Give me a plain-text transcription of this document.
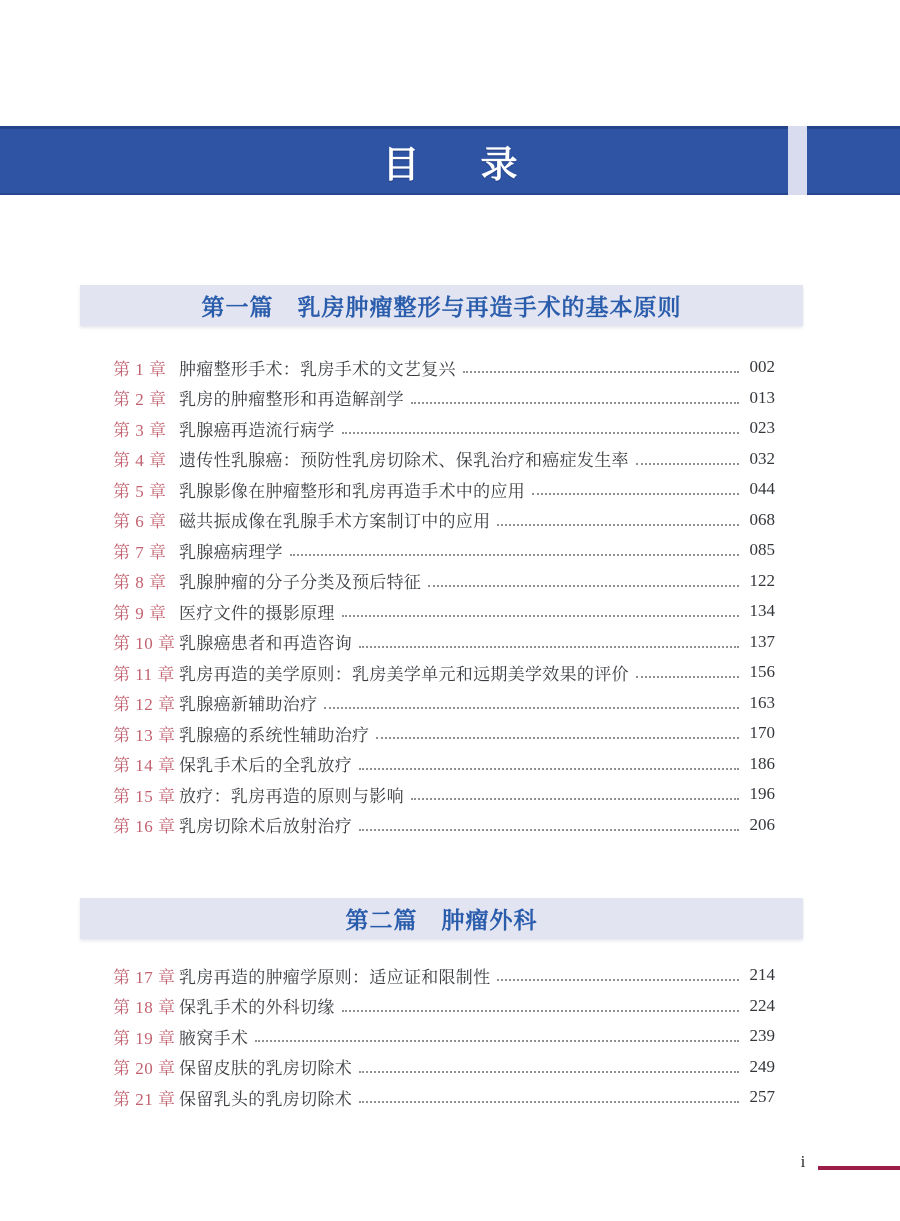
目　录
第一篇　乳房肿瘤整形与再造手术的基本原则
第 1 章 肿瘤整形手术：乳房手术的文艺复兴	002
第 2 章 乳房的肿瘤整形和再造解剖学	013
第 3 章 乳腺癌再造流行病学	023
第 4 章 遗传性乳腺癌：预防性乳房切除术、保乳治疗和癌症发生率	032
第 5 章 乳腺影像在肿瘤整形和乳房再造手术中的应用	044
第 6 章 磁共振成像在乳腺手术方案制订中的应用	068
第 7 章 乳腺癌病理学	085
第 8 章 乳腺肿瘤的分子分类及预后特征	122
第 9 章 医疗文件的摄影原理	134
第 10 章 乳腺癌患者和再造咨询	137
第 11 章 乳房再造的美学原则：乳房美学单元和远期美学效果的评价	156
第 12 章 乳腺癌新辅助治疗	163
第 13 章 乳腺癌的系统性辅助治疗	170
第 14 章 保乳手术后的全乳放疗	186
第 15 章 放疗：乳房再造的原则与影响	196
第 16 章 乳房切除术后放射治疗	206
第二篇　肿瘤外科
第 17 章 乳房再造的肿瘤学原则：适应证和限制性	214
第 18 章 保乳手术的外科切缘	224
第 19 章 腋窝手术	239
第 20 章 保留皮肤的乳房切除术	249
第 21 章 保留乳头的乳房切除术	257
i
